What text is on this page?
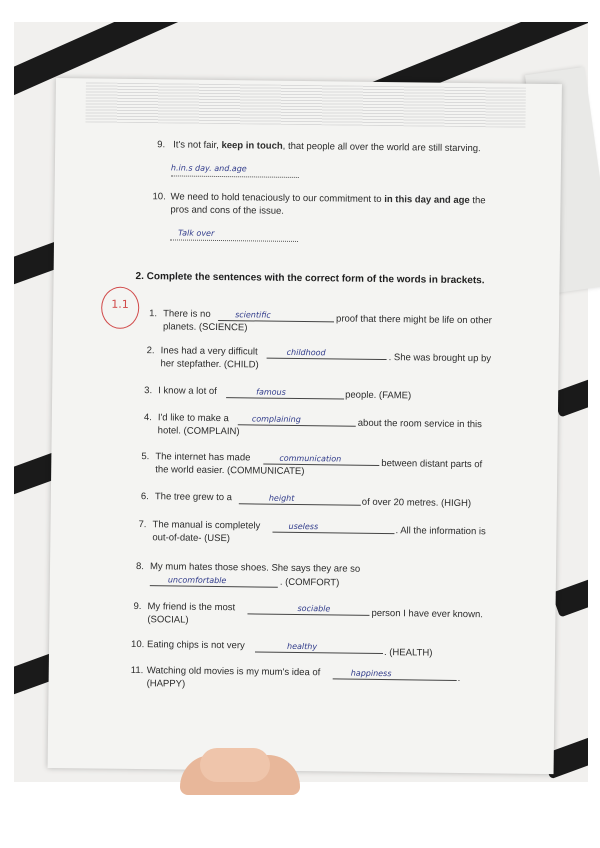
9. It's not fair, keep in touch, that people all over the world are still starving.
h.in.s day. and.age
10. We need to hold tenaciously to our commitment to in this day and age the
pros and cons of the issue.
Talk over
2. Complete the sentences with the correct form of the words in brackets.
1.1
1. There is no	scientific	proof that there might be life on other
planets. (SCIENCE)
2. Ines had a very difficult	childhood	. She was brought up by
her stepfather. (CHILD)
3. I know a lot of	famous	people. (FAME)
4. I'd like to make a	complaining	about the room service in this
hotel. (COMPLAIN)
5. The internet has made	communication	between distant parts of
the world easier. (COMMUNICATE)
6. The tree grew to a	height	of over 20 metres. (HIGH)
7. The manual is completely	useless	. All the information is
out-of-date- (USE)
8. My mum hates those shoes. She says they are so
uncomfortable	. (COMFORT)
9. My friend is the most	sociable	person I have ever known.
(SOCIAL)
10. Eating chips is not very	healthy
. (HEALTH)
11. Watching old movies is my mum's idea of	happiness	.
(HAPPY)
